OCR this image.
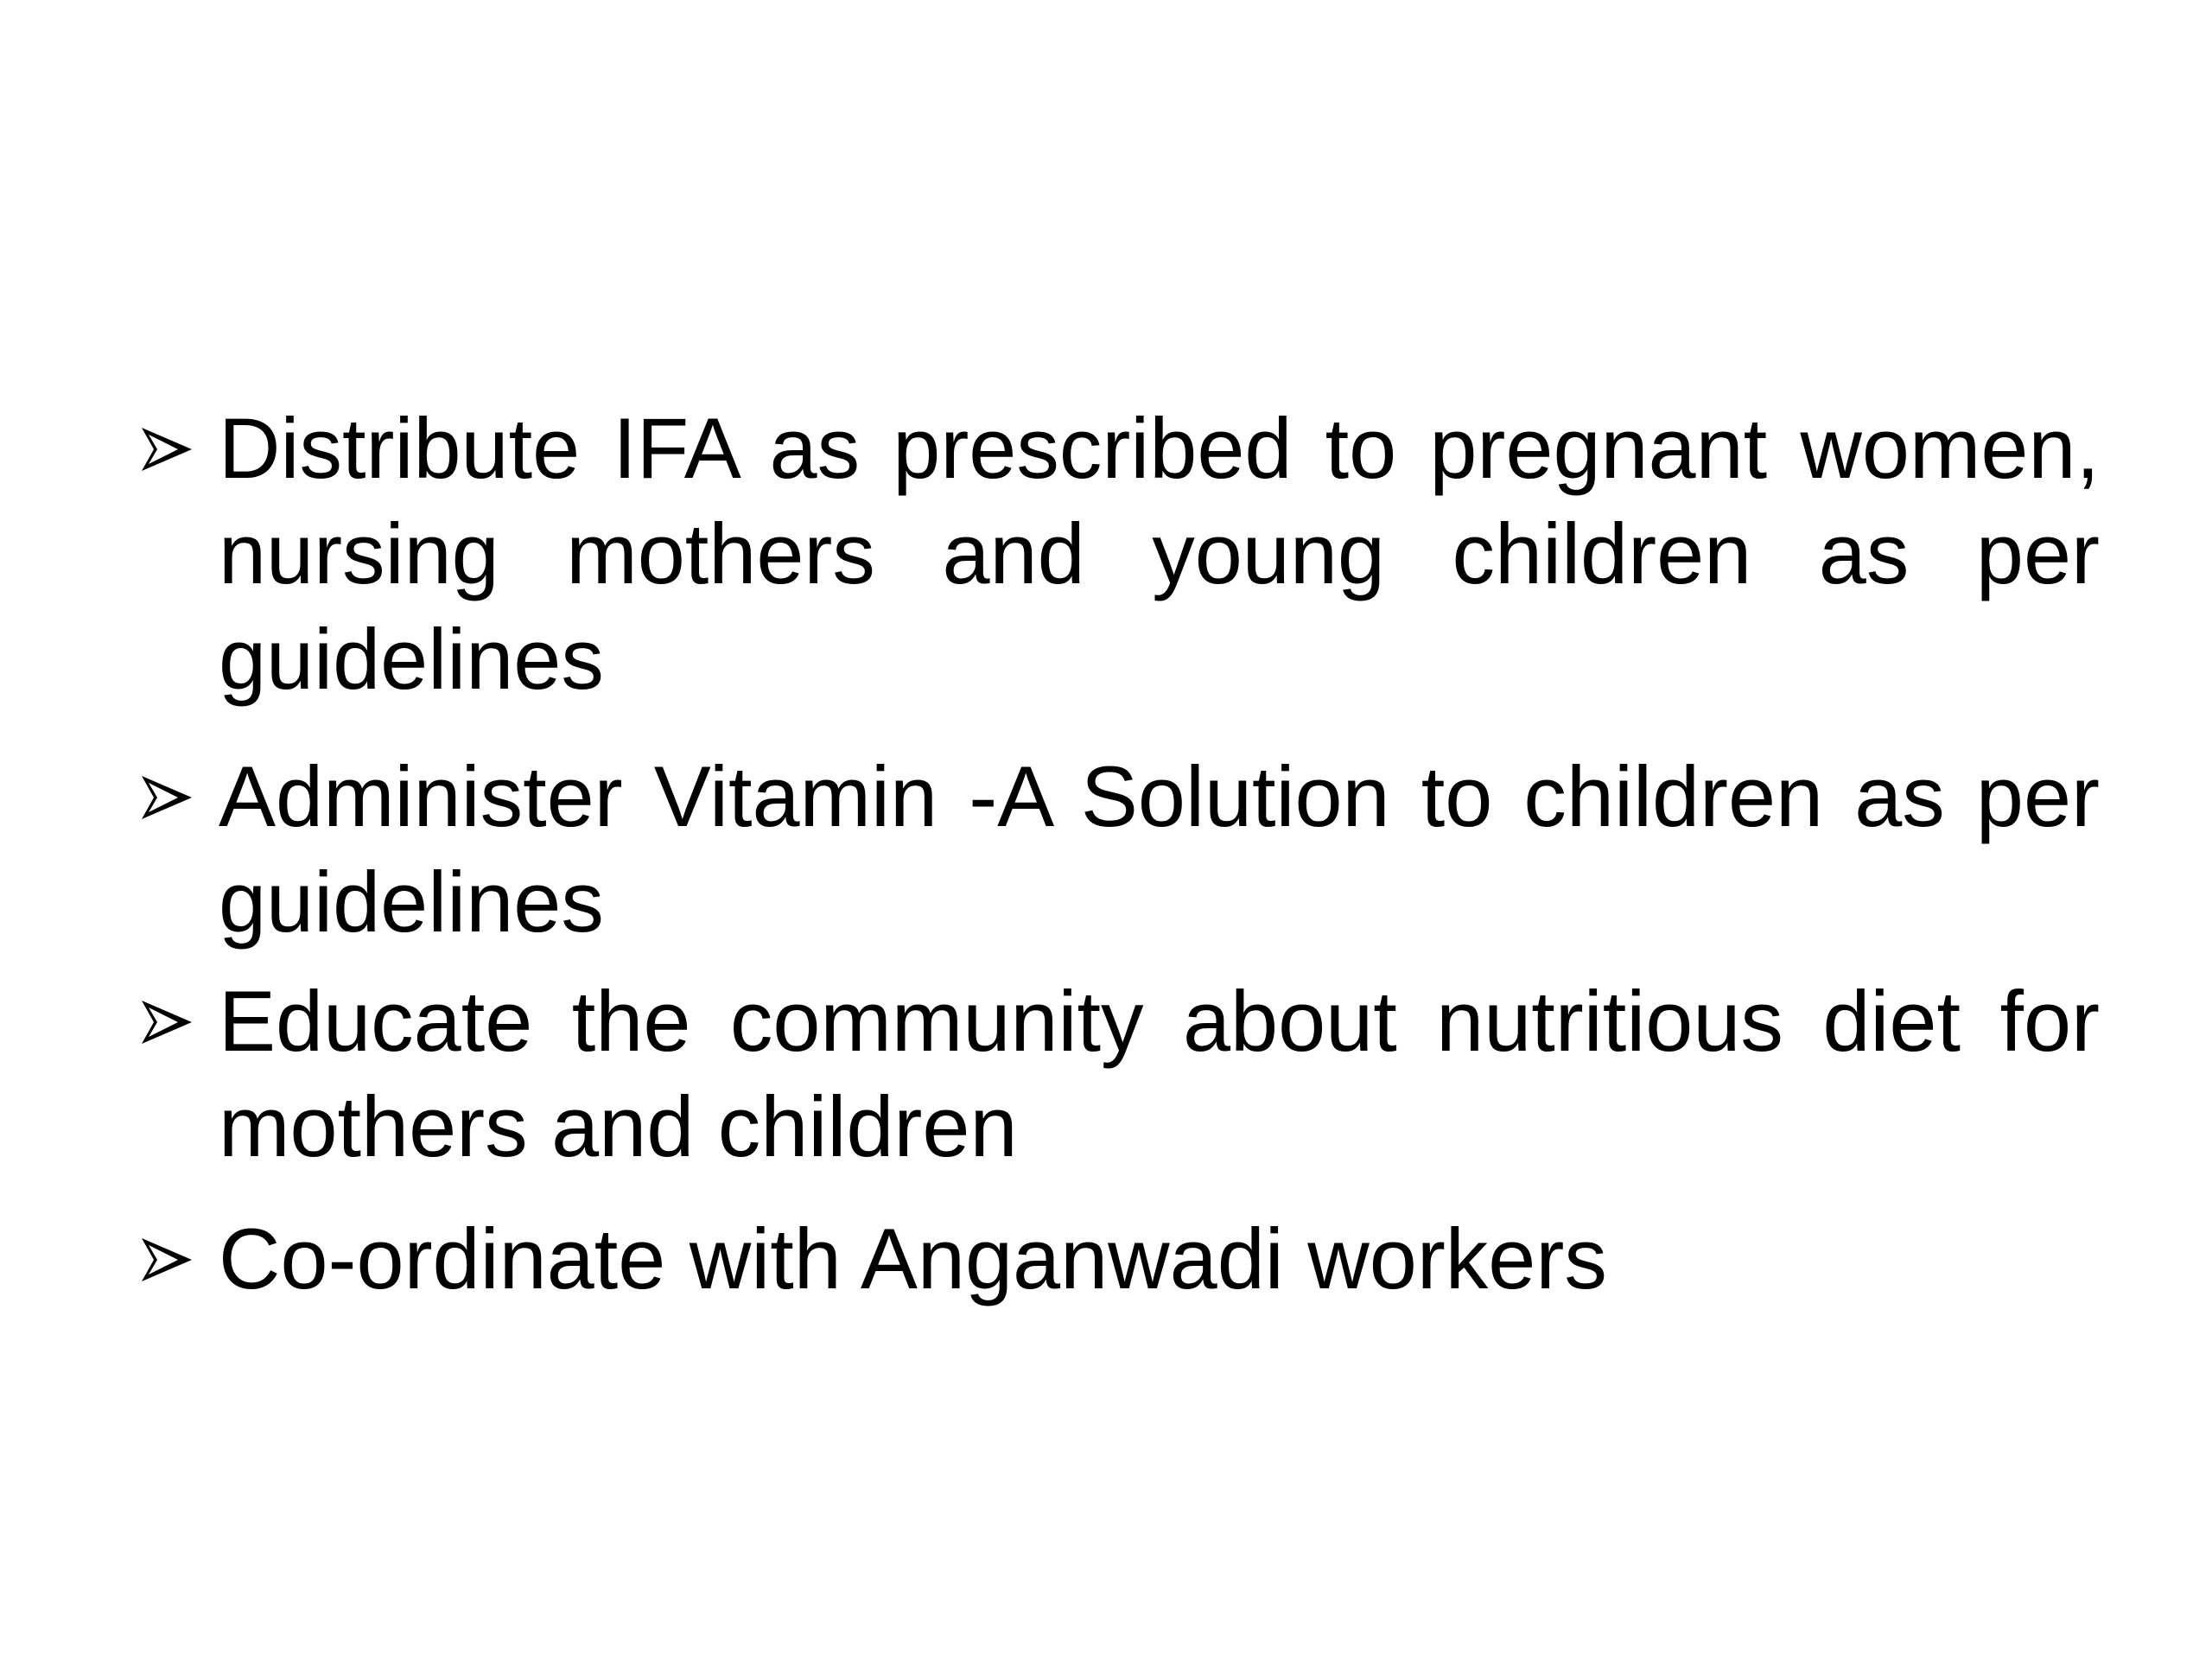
Distribute IFA as prescribed to pregnant women, nursing mothers and young children as per guidelines
Administer Vitamin -A Solution to children as per guidelines
Educate the community about nutritious diet for mothers and children
Co-ordinate with Anganwadi workers
